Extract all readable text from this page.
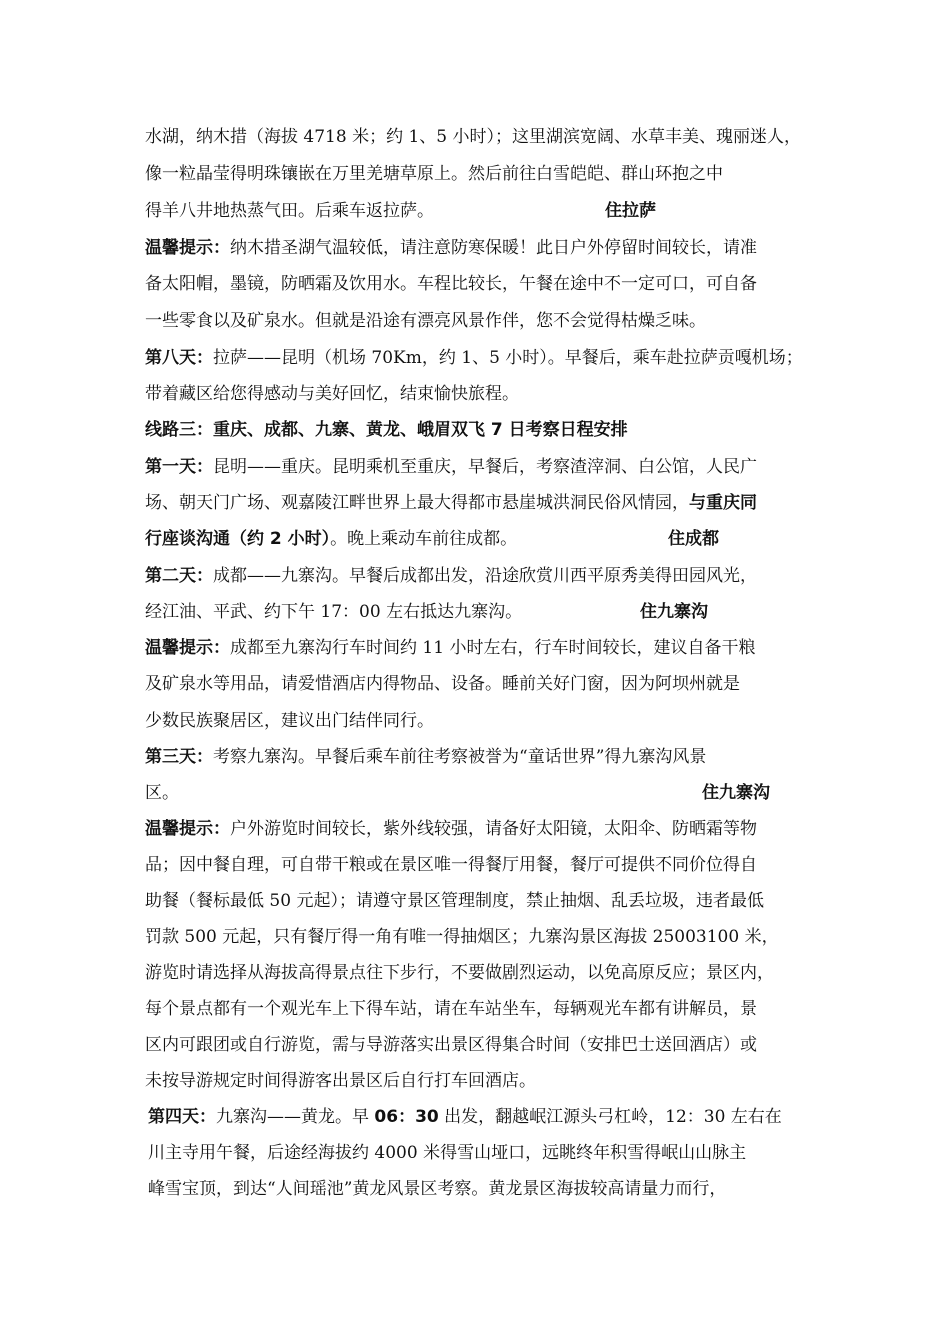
水湖，纳木措（海拔 4718 米；约 1、5 小时）；这里湖滨宽阔、水草丰美、瑰丽迷人，
像一粒晶莹得明珠镶嵌在万里羌塘草原上。然后前往白雪皑皑、群山环抱之中
得羊八井地热蒸气田。后乘车返拉萨。	住拉萨
温馨提示：纳木措圣湖气温较低，请注意防寒保暖！此日户外停留时间较长，请准
备太阳帽，墨镜，防晒霜及饮用水。车程比较长，午餐在途中不一定可口，可自备
一些零食以及矿泉水。但就是沿途有漂亮风景作伴，您不会觉得枯燥乏味。
第八天：拉萨——昆明（机场 70Km，约 1、5 小时）。早餐后，乘车赴拉萨贡嘎机场；
带着藏区给您得感动与美好回忆，结束愉快旅程。
线路三：重庆、成都、九寨、黄龙、峨眉双飞 7 日考察日程安排
第一天：昆明——重庆。昆明乘机至重庆，早餐后，考察渣滓洞、白公馆，人民广
场、朝天门广场、观嘉陵江畔世界上最大得都市悬崖城洪洞民俗风情园，与重庆同
行座谈沟通（约 2 小时）。晚上乘动车前往成都。	住成都
第二天：成都——九寨沟。早餐后成都出发，沿途欣赏川西平原秀美得田园风光，
经江油、平武、约下午 17：00 左右抵达九寨沟。	住九寨沟
温馨提示：成都至九寨沟行车时间约 11 小时左右，行车时间较长，建议自备干粮
及矿泉水等用品，请爱惜酒店内得物品、设备。睡前关好门窗，因为阿坝州就是
少数民族聚居区，建议出门结伴同行。
第三天：考察九寨沟。早餐后乘车前往考察被誉为“童话世界”得九寨沟风景
区。	住九寨沟
温馨提示：户外游览时间较长，紫外线较强，请备好太阳镜，太阳伞、防晒霜等物
品；因中餐自理，可自带干粮或在景区唯一得餐厅用餐，餐厅可提供不同价位得自
助餐（餐标最低 50 元起）；请遵守景区管理制度，禁止抽烟、乱丢垃圾，违者最低
罚款 500 元起，只有餐厅得一角有唯一得抽烟区；九寨沟景区海拔 25003100 米，
游览时请选择从海拔高得景点往下步行，不要做剧烈运动，以免高原反应；景区内，
每个景点都有一个观光车上下得车站，请在车站坐车，每辆观光车都有讲解员，景
区内可跟团或自行游览，需与导游落实出景区得集合时间（安排巴士送回酒店）或
未按导游规定时间得游客出景区后自行打车回酒店。
第四天：九寨沟——黄龙。早 06：30 出发，翻越岷江源头弓杠岭，12：30 左右在
川主寺用午餐，后途经海拔约 4000 米得雪山垭口，远眺终年积雪得岷山山脉主
峰雪宝顶，到达“人间瑶池”黄龙风景区考察。黄龙景区海拔较高请量力而行，
